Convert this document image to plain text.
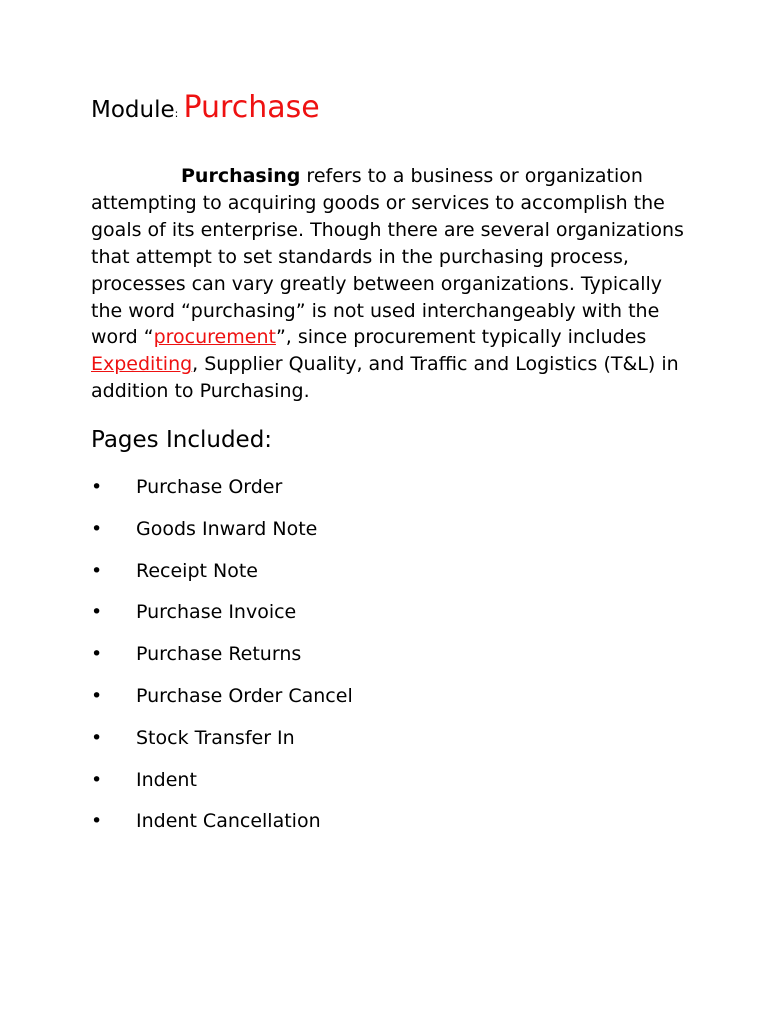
Module: Purchase

Purchasing refers to a business or organization attempting to acquiring goods or services to accomplish the goals of its enterprise. Though there are several organizations that attempt to set standards in the purchasing process, processes can vary greatly between organizations. Typically the word “purchasing” is not used interchangeably with the word “procurement”, since procurement typically includes Expediting, Supplier Quality, and Traffic and Logistics (T&L) in addition to Purchasing.

Pages Included:
• Purchase Order
• Goods Inward Note
• Receipt Note
• Purchase Invoice
• Purchase Returns
• Purchase Order Cancel
• Stock Transfer In
• Indent
• Indent Cancellation
